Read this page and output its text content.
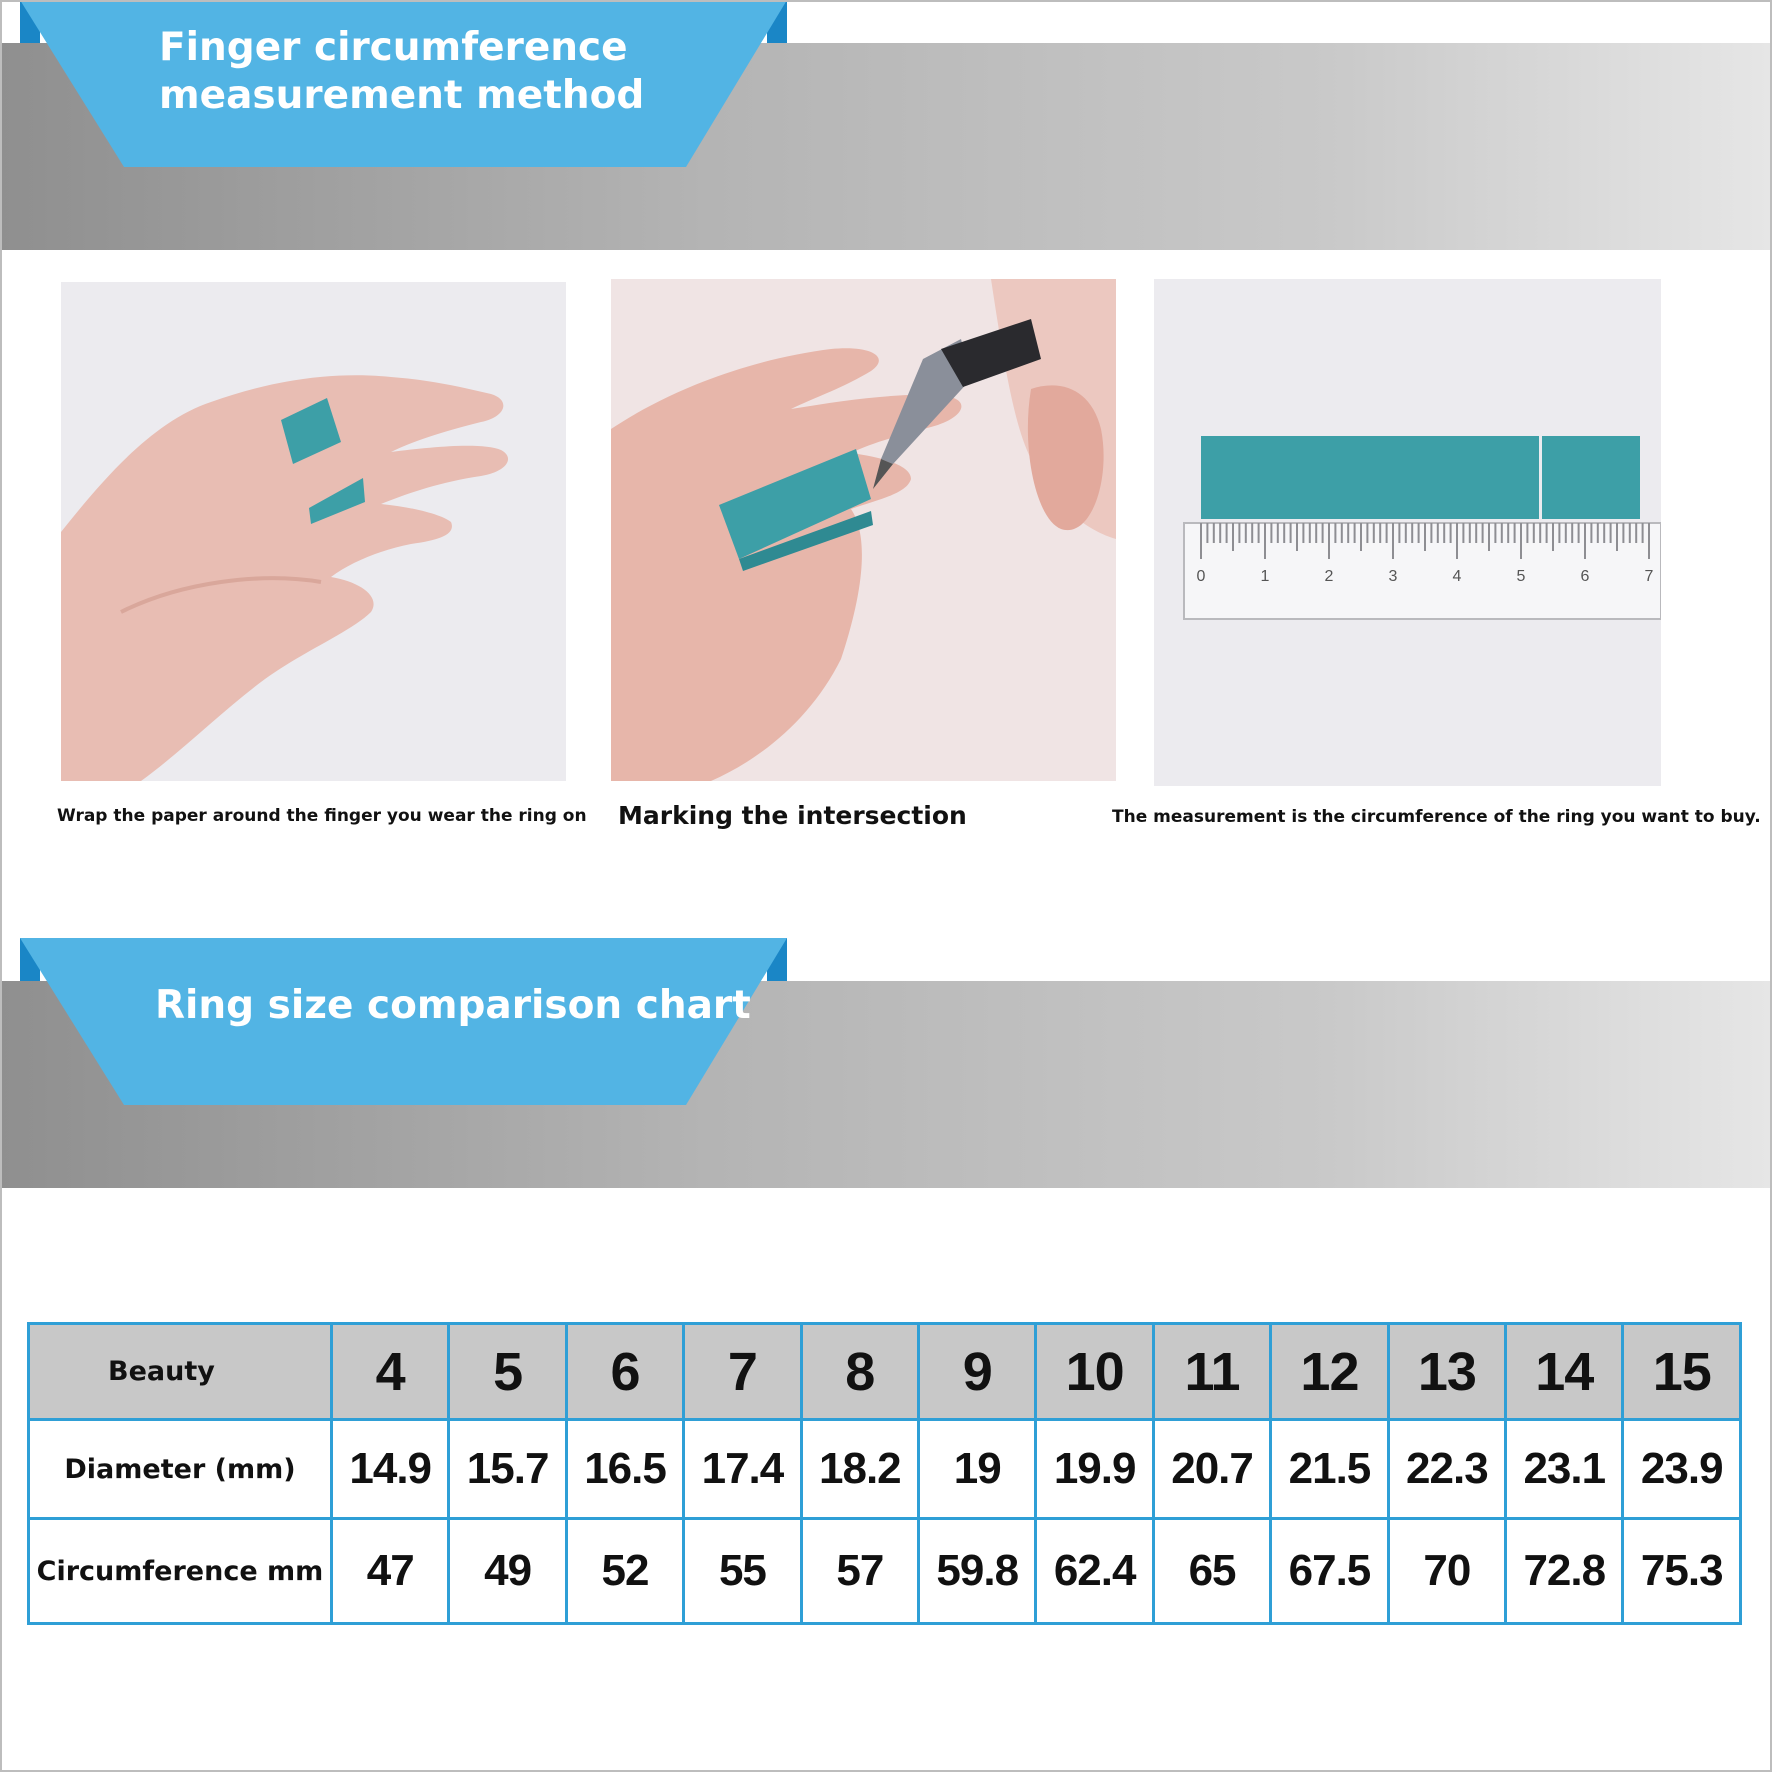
Finger circumference
measurement method
Wrap the paper around the finger you wear the ring on Marking the intersection
0	1	2	3	4	5	6	7
The measurement is the circumference of the ring you want to buy.
Ring size comparison chart
Beauty	4	5	6	7	8	9	10	11	12	13	14	15
Diameter (mm)	14.9	15.7	16.5	17.4	18.2	19	19.9	20.7	21.5	22.3	23.1	23.9
Circumference mm	47	49	52	55	57	59.8	62.4	65	67.5	70	72.8	75.3
